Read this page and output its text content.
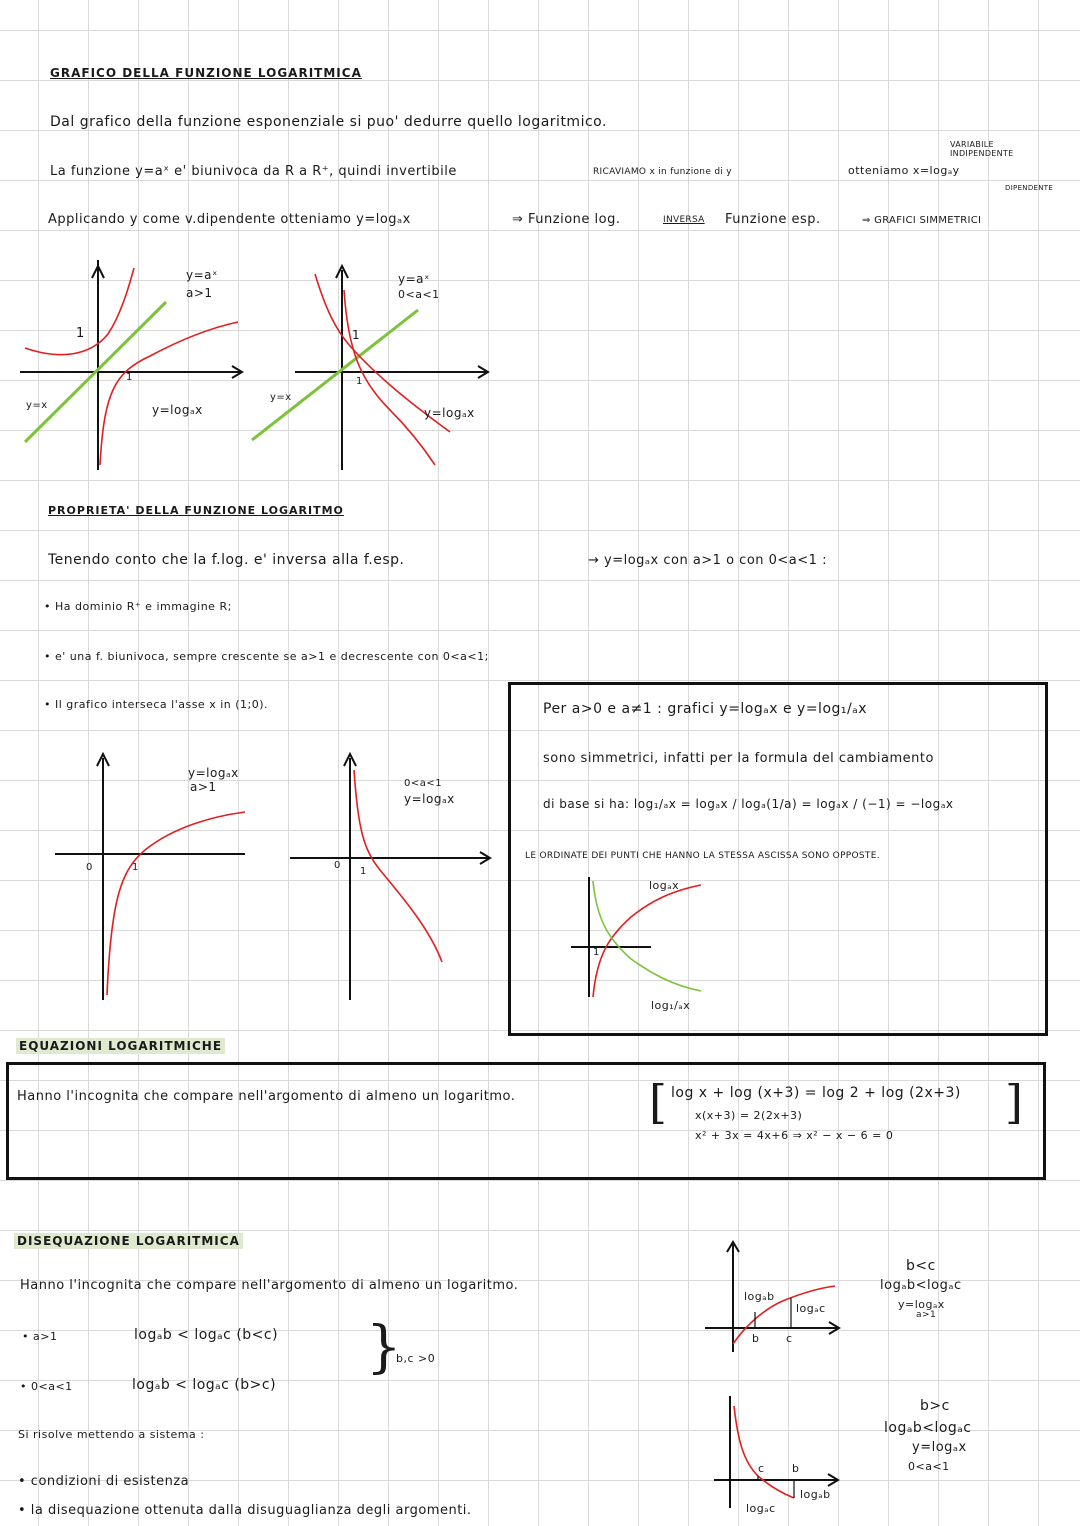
GRAFICO DELLA FUNZIONE LOGARITMICA
Dal grafico della funzione esponenziale si puo' dedurre quello logaritmico.
La funzione y=aˣ e' biunivoca da R a R⁺, quindi invertibile	RICAVIAMO x in funzione di y	otteniamo x=logₐy
VARIABILE INDIPENDENTE
DIPENDENTE
Applicando y come v.dipendente otteniamo y=logₐx	⇒ Funzione log.	INVERSA Funzione esp.	⇒ GRAFICI SIMMETRICI
y=aˣ
a>1
y=logₐx
y=x
1
1
y=aˣ
0<a<1
y=logₐx
y=x
1
1
PROPRIETA' DELLA FUNZIONE LOGARITMO
Tenendo conto che la f.log. e' inversa alla f.esp.	→ y=logₐx con a>1 o con 0<a<1 :
• Ha dominio R⁺ e immagine R;
• e' una f. biunivoca, sempre crescente se a>1 e decrescente con 0<a<1;
• Il grafico interseca l'asse x in (1;0).
y=logₐx
a>1
0	1
0<a<1
y=logₐx
0
1
Per a>0 e a≠1 : grafici y=logₐx e y=log₁/ₐx
sono simmetrici, infatti per la formula del cambiamento
di base si ha: log₁/ₐx = logₐx / logₐ(1/a) = logₐx / (−1) = −logₐx
LE ORDINATE DEI PUNTI CHE HANNO LA STESSA ASCISSA SONO OPPOSTE.
logₐx
log₁/ₐx
1
EQUAZIONI LOGARITMICHE
Hanno l'incognita che compare nell'argomento di almeno un logaritmo.	[ log x + log (x+3) = log 2 + log (2x+3)
x(x+3) = 2(2x+3)
x² + 3x = 4x+6 ⇒ x² − x − 6 = 0
]
DISEQUAZIONE LOGARITMICA
Hanno l'incognita che compare nell'argomento di almeno un logaritmo.
• a>1	logₐb < logₐc (b<c)
• 0<a<1	logₐb < logₐc (b>c)
}
b,c >0
Si risolve mettendo a sistema :
• condizioni di esistenza
• la disequazione ottenuta dalla disuguaglianza degli argomenti.
logₐb
logₐc
b c
b<c
logₐb<logₐc
y=logₐx
a>1
c b
logₐb
logₐc
b>c
logₐb<logₐc
y=logₐx
0<a<1
